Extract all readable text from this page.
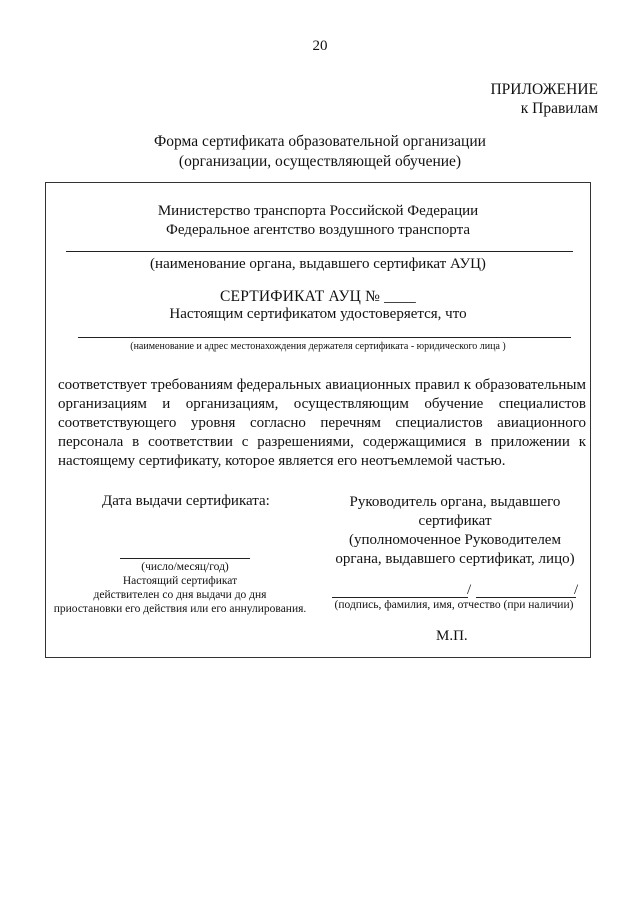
20
ПРИЛОЖЕНИЕ
к Правилам
Форма сертификата образовательной организации
(организации, осуществляющей обучение)
Министерство транспорта Российской Федерации
Федеральное агентство воздушного транспорта
(наименование органа, выдавшего сертификат АУЦ)
СЕРТИФИКАТ АУЦ № ____
Настоящим сертификатом удостоверяется, что
(наименование и адрес местонахождения держателя сертификата - юридического лица )
соответствует требованиям федеральных авиационных правил к образовательным организациям и организациям, осуществляющим обучение специалистов соответствующего уровня согласно перечням специалистов авиационного персонала в соответствии с разрешениями, содержащимися в приложении к настоящему сертификату, которое является его неотъемлемой частью.
Дата выдачи сертификата:
(число/месяц/год)
Настоящий сертификат
действителен со дня выдачи до дня
приостановки его действия или его аннулирования.
Руководитель органа, выдавшего
сертификат
(уполномоченное Руководителем
органа, выдавшего сертификат, лицо)
/	/
(подпись, фамилия, имя, отчество (при наличии)
М.П.
